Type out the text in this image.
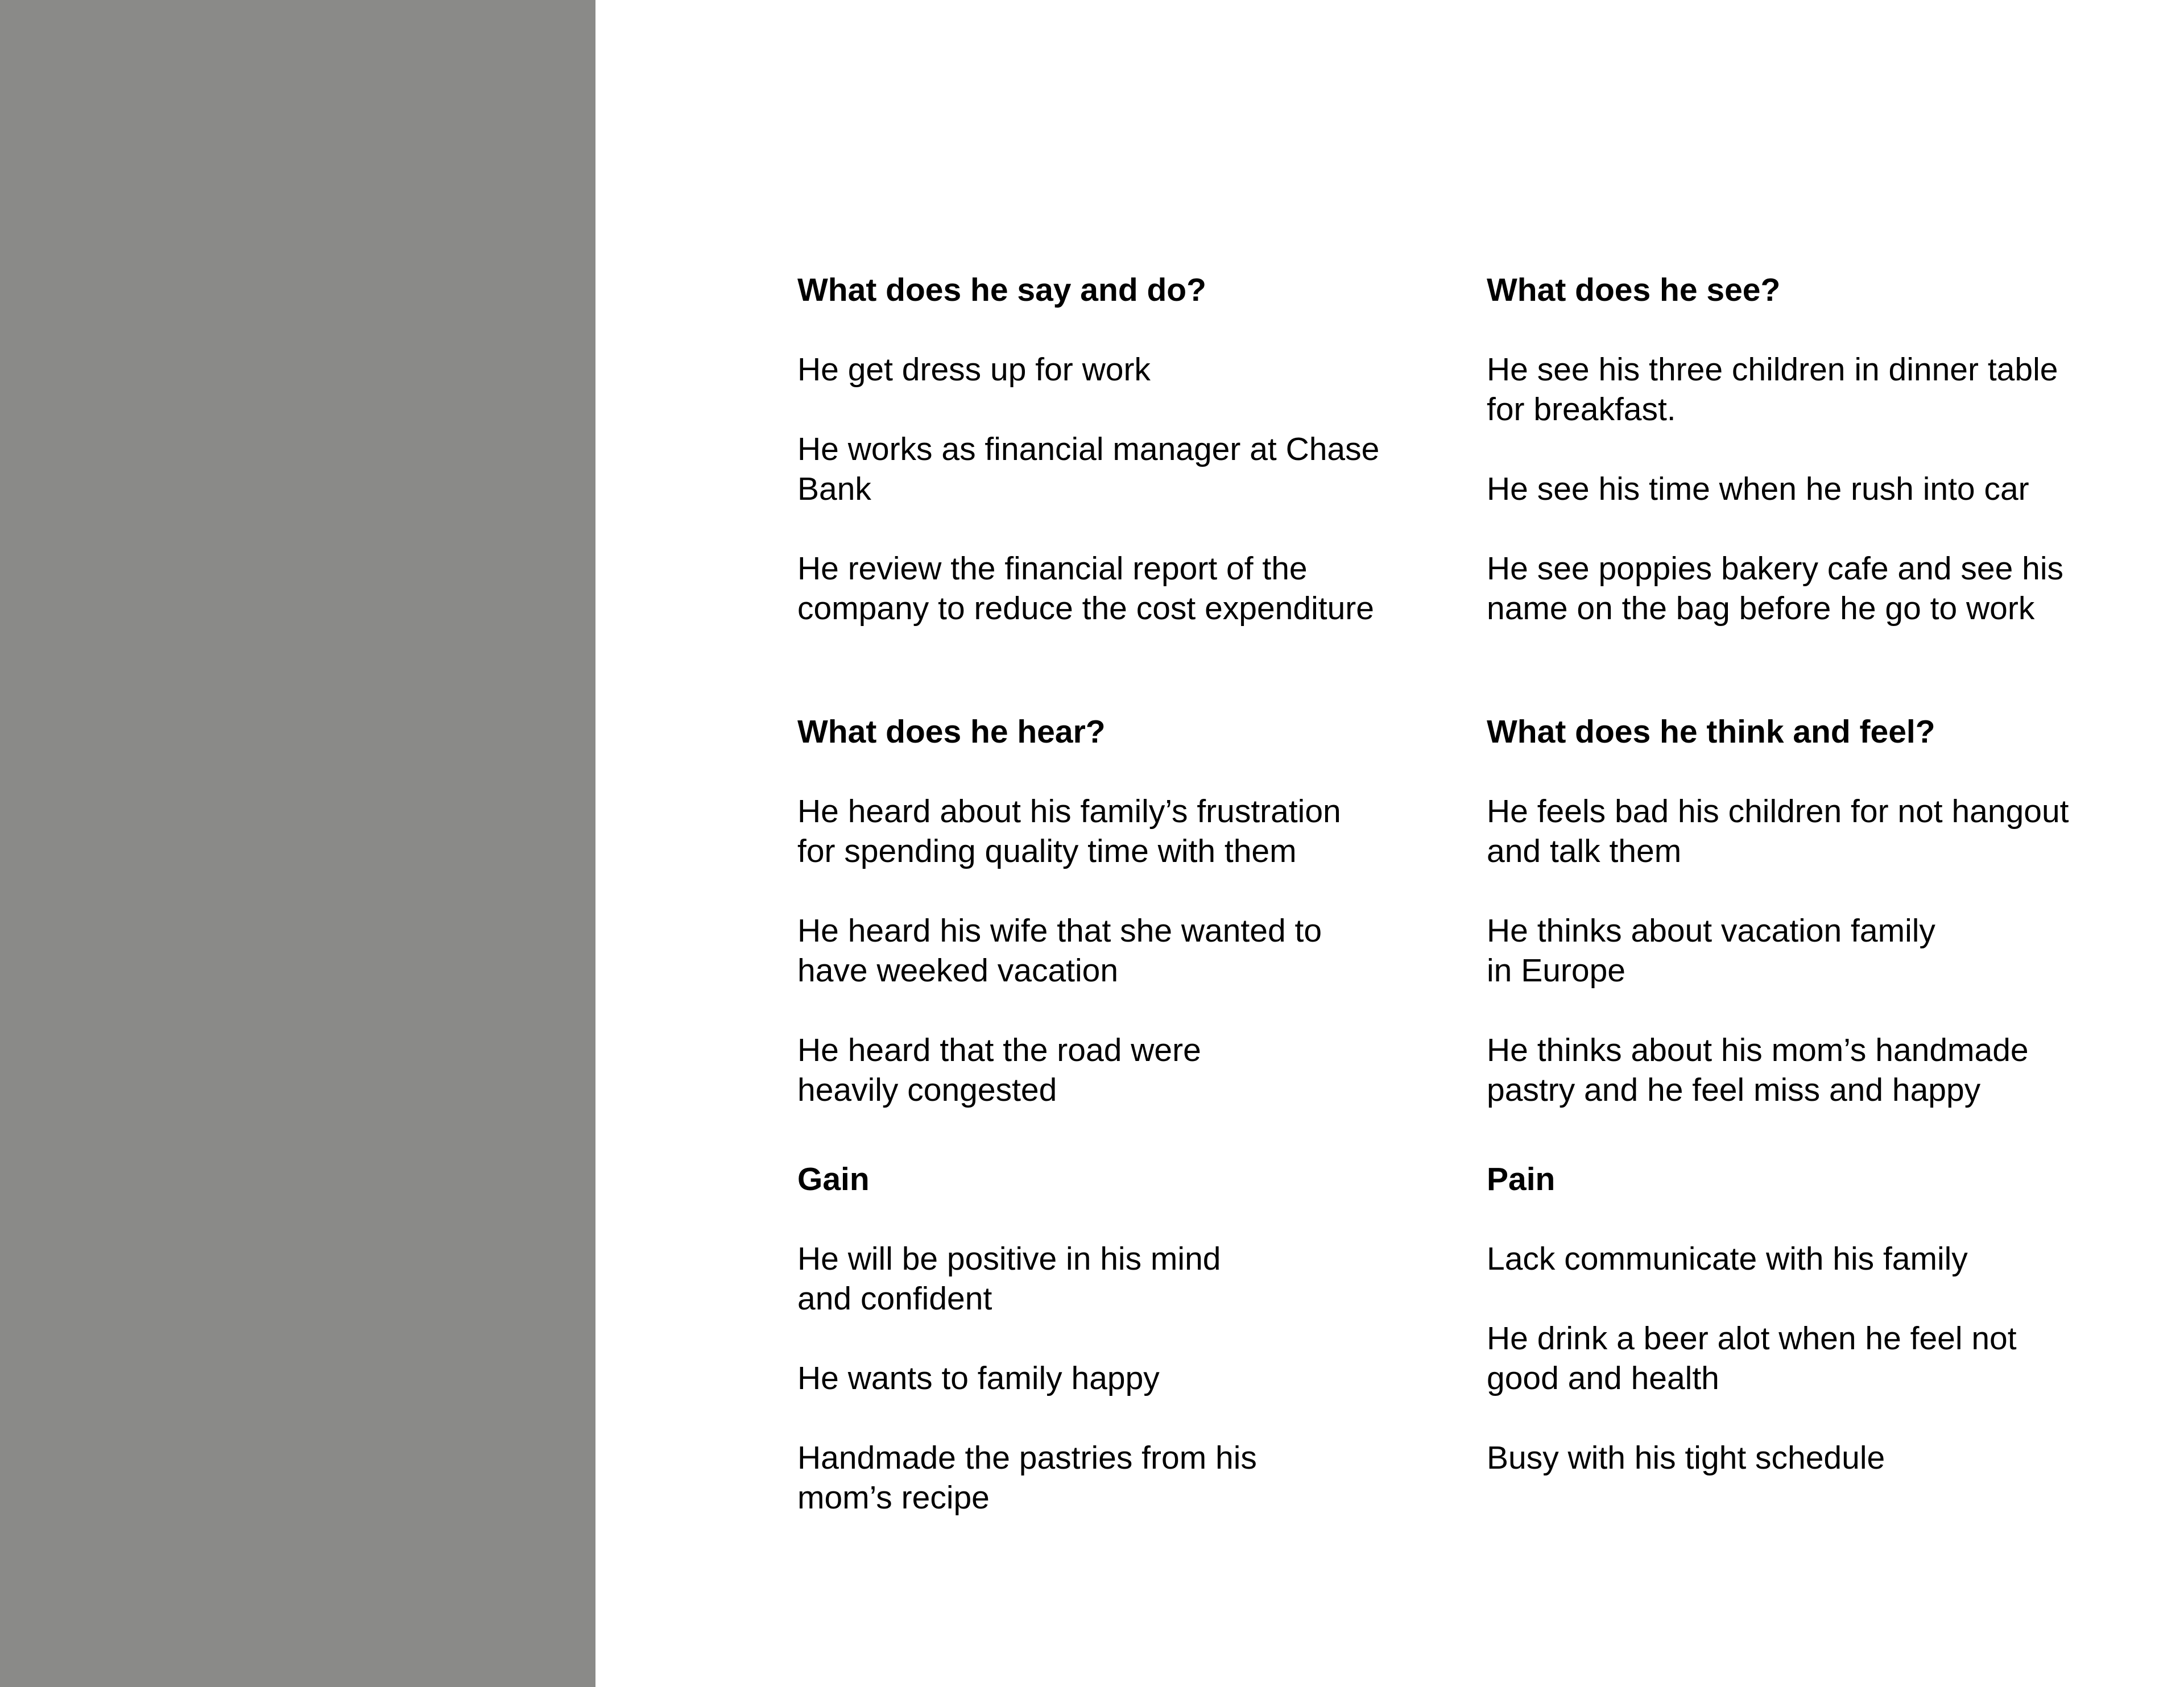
What does he say and do?
He get dress up for work
He works as financial manager at Chase
Bank
He review the financial report of the
company to reduce the cost expenditure
What does he see?
He see his three children in dinner table
for breakfast.
He see his time when he rush into car
He see poppies bakery cafe and see his
name on the bag before he go to work
What does he hear?
He heard about his family’s frustration
for spending quality time with them
He heard his wife that she wanted to
have weeked vacation
He heard that the road were
heavily congested
What does he think and feel?
He feels bad his children for not hangout
and talk them
He thinks about vacation family
in Europe
He thinks about his mom’s handmade
pastry and he feel miss and happy
Gain
He will be positive in his mind
and confident
He wants to family happy
Handmade the pastries from his
mom’s recipe
Pain
Lack communicate with his family
He drink a beer alot when he feel not
good and health
Busy with his tight schedule
